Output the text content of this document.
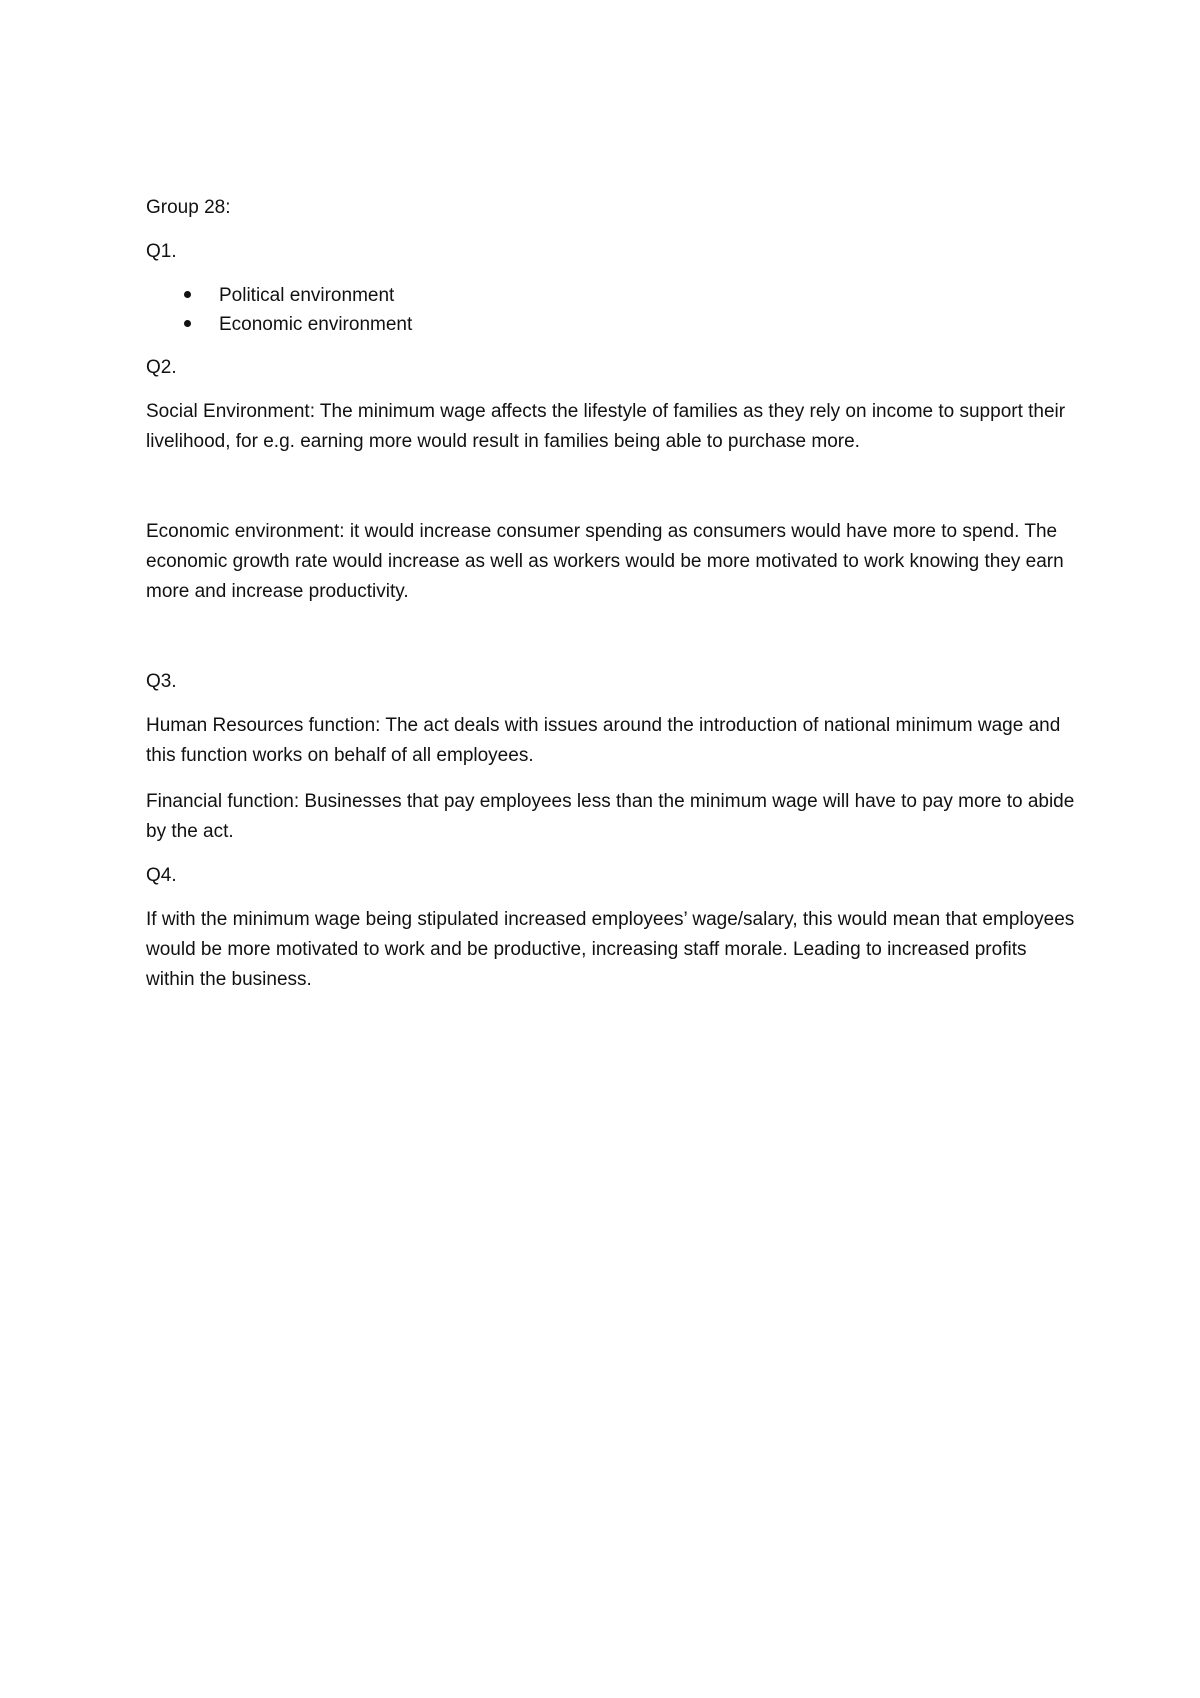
Group 28:

Q1.

Political environment
Economic environment

Q2.

Social Environment: The minimum wage affects the lifestyle of families as they rely on income to support their livelihood, for e.g. earning more would result in families being able to purchase more.

Economic environment: it would increase consumer spending as consumers would have more to spend. The economic growth rate would increase as well as workers would be more motivated to work knowing they earn more and increase productivity.

Q3.

Human Resources function: The act deals with issues around the introduction of national minimum wage and this function works on behalf of all employees.

Financial function: Businesses that pay employees less than the minimum wage will have to pay more to abide by the act.

Q4.

If with the minimum wage being stipulated increased employees’ wage/salary, this would mean that employees would be more motivated to work and be productive, increasing staff morale. Leading to increased profits within the business.
